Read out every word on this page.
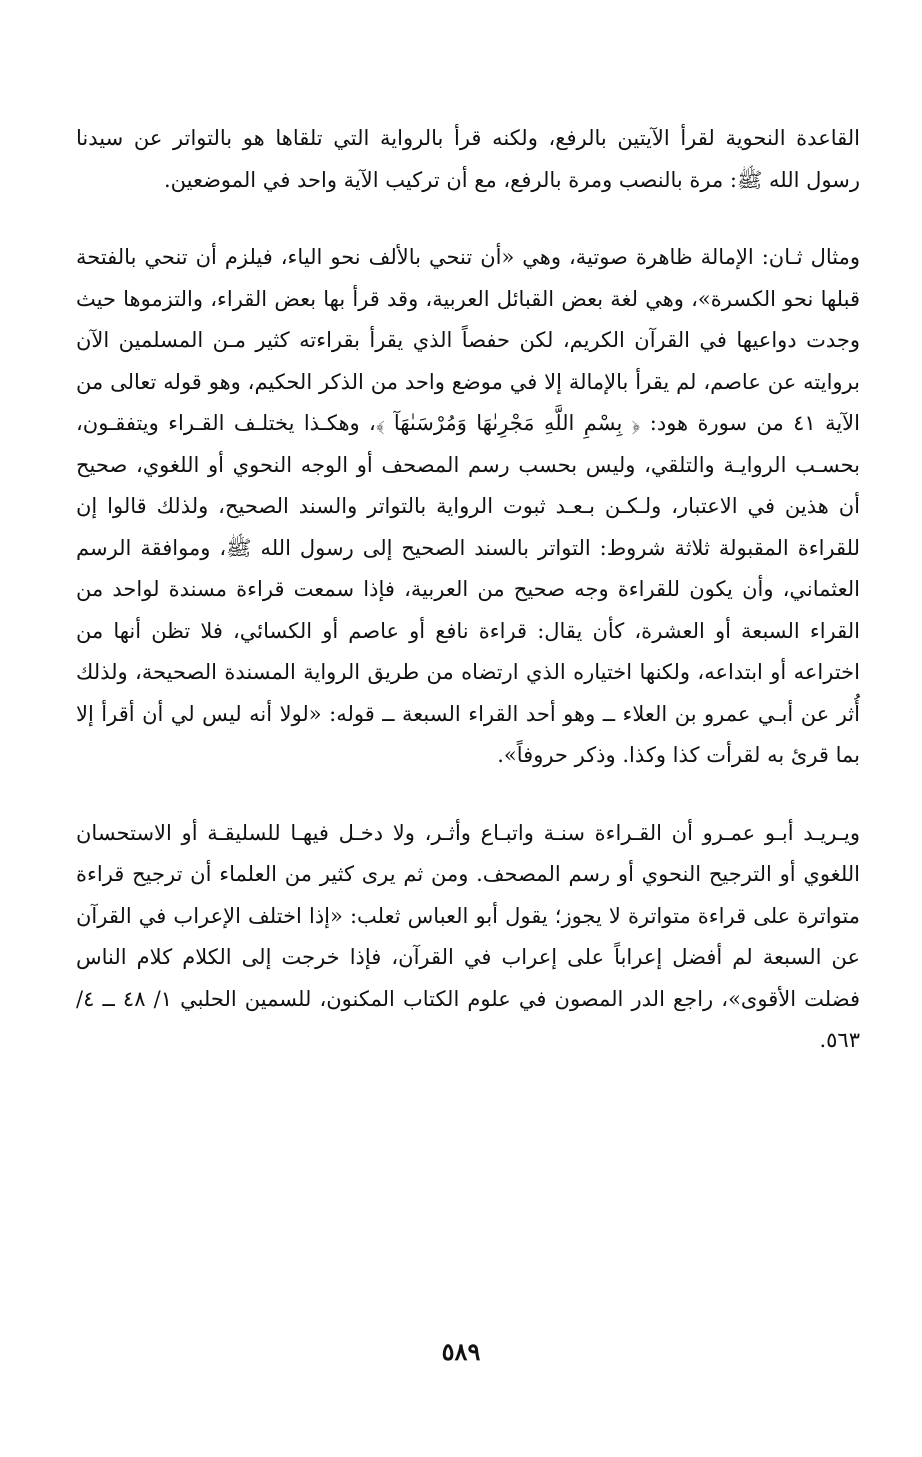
القاعدة النحوية لقرأ الآيتين بالرفع، ولكنه قرأ بالرواية التي تلقاها هو بالتواتر عن سيدنا رسول الله ﷺ: مرة بالنصب ومرة بالرفع، مع أن تركيب الآية واحد في الموضعين.

ومثال ثـان: الإمالة ظاهرة صوتية، وهي «أن تنحي بالألف نحو الياء، فيلزم أن تنحي بالفتحة قبلها نحو الكسرة»، وهي لغة بعض القبائل العربية، وقد قرأ بها بعض القراء، والتزموها حيث وجدت دواعيها في القرآن الكريم، لكن حفصاً الذي يقرأ بقراءته كثير مـن المسلمين الآن بروايته عن عاصم، لم يقرأ بالإمالة إلا في موضع واحد من الذكر الحكيم، وهو قوله تعالى من الآية ٤١ من سورة هود: ﴿ بِسْمِ اللَّهِ مَجْرِىٰهَا وَمُرْسَىٰهَآ ﴾، وهكـذا يختلـف القـراء ويتفقـون، بحسـب الروايـة والتلقي، وليس بحسب رسم المصحف أو الوجه النحوي أو اللغوي، صحيح أن هذين في الاعتبار، ولـكـن بـعـد ثبوت الرواية بالتواتر والسند الصحيح، ولذلك قالوا إن للقراءة المقبولة ثلاثة شروط: التواتر بالسند الصحيح إلى رسول الله ﷺ، وموافقة الرسم العثماني، وأن يكون للقراءة وجه صحيح من العربية، فإذا سمعت قراءة مسندة لواحد من القراء السبعة أو العشرة، كأن يقال: قراءة نافع أو عاصم أو الكسائي، فلا تظن أنها من اختراعه أو ابتداعه، ولكنها اختياره الذي ارتضاه من طريق الرواية المسندة الصحيحة، ولذلك أُثر عن أبـي عمرو بن العلاء ــ وهو أحد القراء السبعة ــ قوله: «لولا أنه ليس لي أن أقرأ إلا بما قرئ به لقرأت كذا وكذا. وذكر حروفاً».

ويـريـد أبـو عمـرو أن القـراءة سنـة واتبـاع وأثـر، ولا دخـل فيهـا للسليقـة أو الاستحسان اللغوي أو الترجيح النحوي أو رسم المصحف. ومن ثم يرى كثير من العلماء أن ترجيح قراءة متواترة على قراءة متواترة لا يجوز؛ يقول أبو العباس ثعلب: «إذا اختلف الإعراب في القرآن عن السبعة لم أفضل إعراباً على إعراب في القرآن، فإذا خرجت إلى الكلام كلام الناس فضلت الأقوى»، راجع الدر المصون في علوم الكتاب المكنون، للسمين الحلبي ١/ ٤٨ ــ ٤/ ٥٦٣.

٥٨٩
